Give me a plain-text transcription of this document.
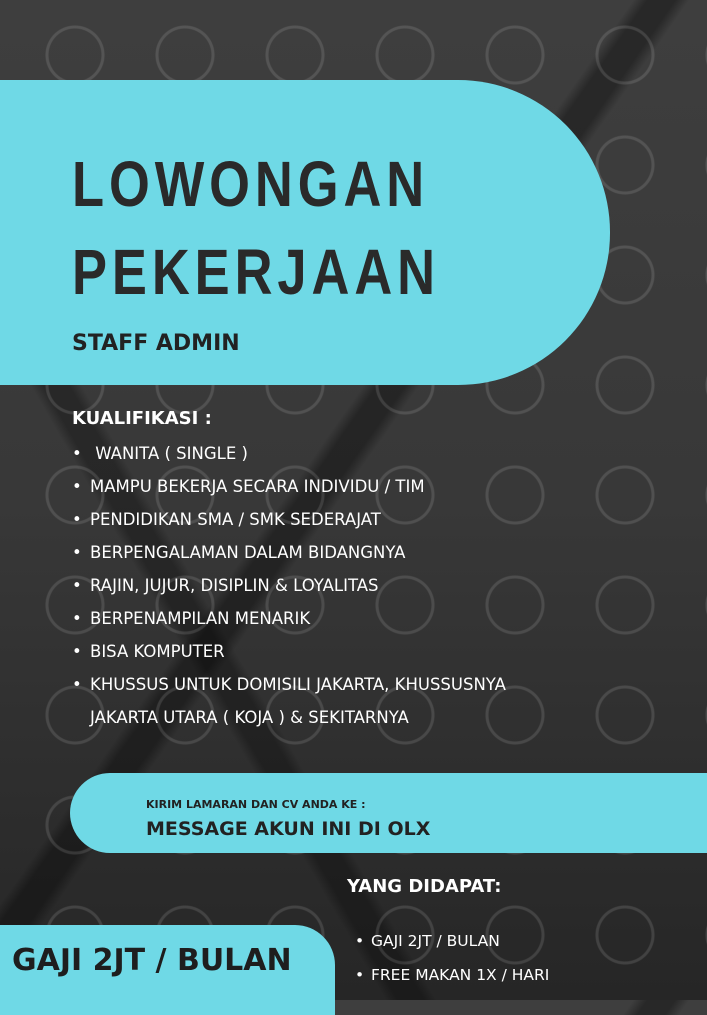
LOWONGAN
PEKERJAAN
STAFF ADMIN
KUALIFIKASI :
• WANITA ( SINGLE )
• MAMPU BEKERJA SECARA INDIVIDU / TIM
• PENDIDIKAN SMA / SMK SEDERAJAT
• BERPENGALAMAN DALAM BIDANGNYA
• RAJIN, JUJUR, DISIPLIN & LOYALITAS
• BERPENAMPILAN MENARIK
• BISA KOMPUTER
• KHUSSUS UNTUK DOMISILI JAKARTA, KHUSSUSNYA
JAKARTA UTARA ( KOJA ) & SEKITARNYA
KIRIM LAMARAN DAN CV ANDA KE :
MESSAGE AKUN INI DI OLX
YANG DIDAPAT:
• GAJI 2JT / BULAN
• FREE MAKAN 1X / HARI
GAJI 2JT / BULAN
